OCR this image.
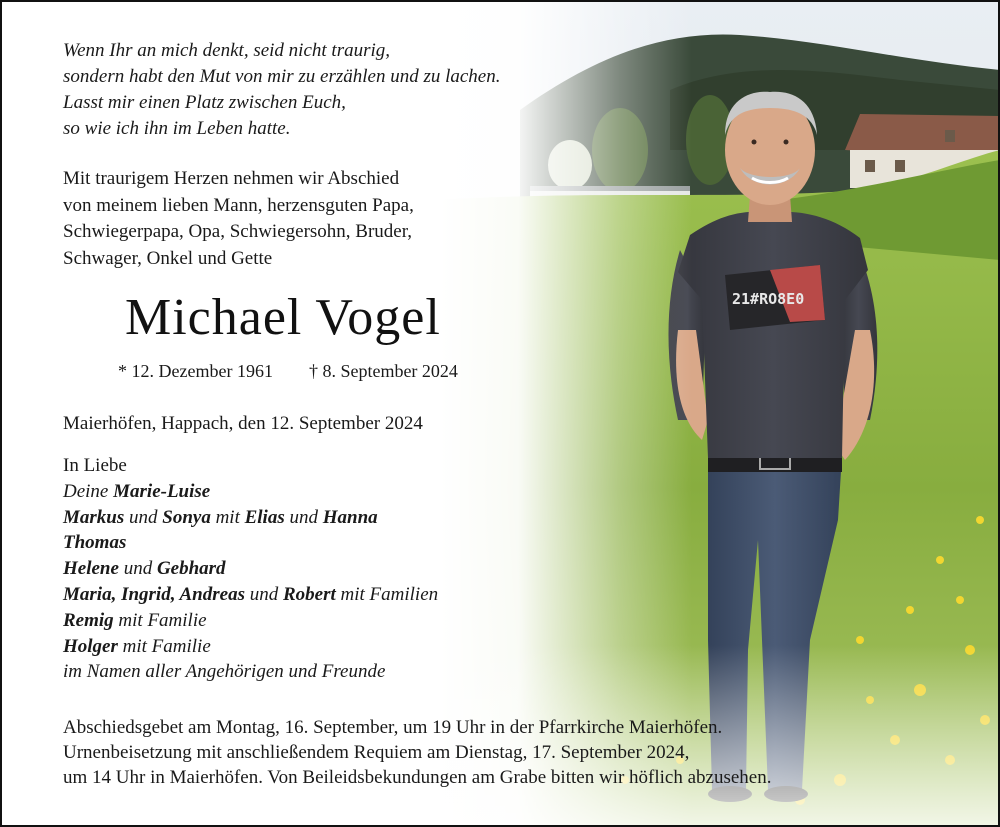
Wenn Ihr an mich denkt, seid nicht traurig,
sondern habt den Mut von mir zu erzählen und zu lachen.
Lasst mir einen Platz zwischen Euch,
so wie ich ihn im Leben hatte.
Mit traurigem Herzen nehmen wir Abschied
von meinem lieben Mann, herzensguten Papa,
Schwiegerpapa, Opa, Schwiegersohn, Bruder,
Schwager, Onkel und Gette
Michael Vogel
* 12. Dezember 1961 † 8. September 2024
Maierhöfen, Happach, den 12. September 2024
In Liebe
Deine Marie-Luise
Markus und Sonya mit Elias und Hanna
Thomas
Helene und Gebhard
Maria, Ingrid, Andreas und Robert mit Familien
Remig mit Familie
Holger mit Familie
im Namen aller Angehörigen und Freunde
Abschiedsgebet am Montag, 16. September, um 19 Uhr in der Pfarrkirche Maierhöfen.
Urnenbeisetzung mit anschließendem Requiem am Dienstag, 17. September 2024,
um 14 Uhr in Maierhöfen. Von Beileidsbekundungen am Grabe bitten wir höflich abzusehen.
